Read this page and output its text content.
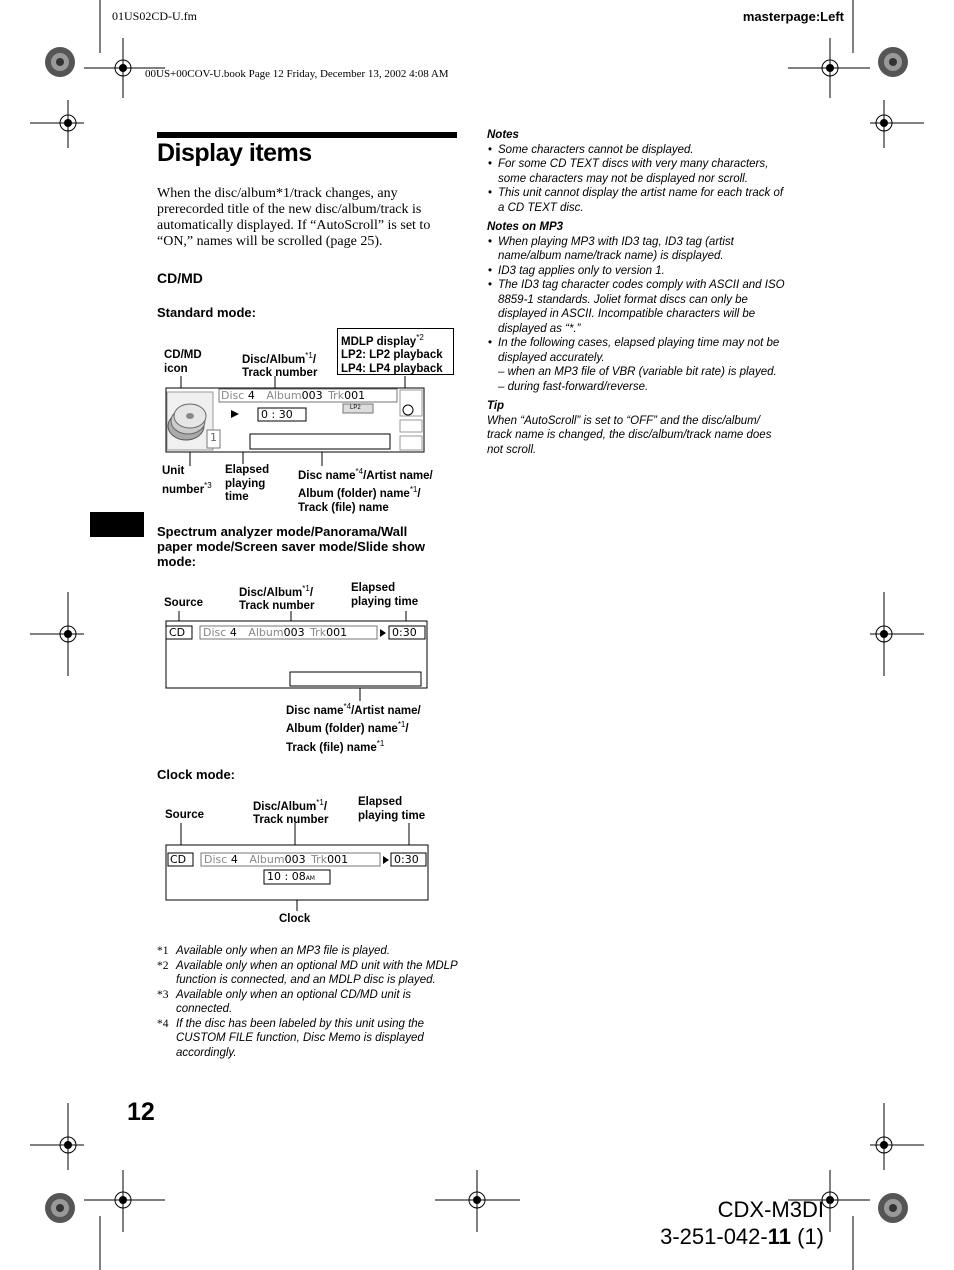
01US02CD-U.fm	masterpage:Left
00US+00COV-U.book Page 12 Friday, December 13, 2002 4:08 AM
Display items
When the disc/album*1/track changes, any prerecorded title of the new disc/album/track is automatically displayed. If “AutoScroll” is set to “ON,” names will be scrolled (page 25).
CD/MD
Standard mode:
CD/MD
icon
Disc/Album$^{*1}$/
Track number
MDLP display$^{*2}$
LP2: LP2 playback
LP4: LP4 playback
Disc 4 Album003 Trk001
0 : 30	LP2
1
Unit
number$^{*3}$
Elapsed
playing
time
Disc name$^{*4}$/Artist name/
Album (folder) name$^{*1}$/
Track (file) name
Spectrum analyzer mode/Panorama/Wall
paper mode/Screen saver mode/Slide show
mode:
Source
Disc/Album$^{*1}$/
Track number
Elapsed
playing time
CD Disc 4 Album003 Trk001	0:30
Disc name$^{*4}$/Artist name/
Album (folder) name$^{*1}$/
Track (file) name$^{*1}$
Clock mode:
Source
Disc/Album$^{*1}$/
Track number
Elapsed
playing time
CD Disc 4 Album003 Trk001	0:30
10 : 08AM
Clock
*1 Available only when an MP3 file is played.
*2 Available only when an optional MD unit with the MDLP function is connected, and an MDLP disc is played.
*3 Available only when an optional CD/MD unit is connected.
*4 If the disc has been labeled by this unit using the CUSTOM FILE function, Disc Memo is displayed accordingly.
Notes
• Some characters cannot be displayed.
• For some CD TEXT discs with very many characters, some characters may not be displayed nor scroll.
• This unit cannot display the artist name for each track of a CD TEXT disc.
Notes on MP3
• When playing MP3 with ID3 tag, ID3 tag (artist name/album name/track name) is displayed.
• ID3 tag applies only to version 1.
• The ID3 tag character codes comply with ASCII and ISO 8859-1 standards. Joliet format discs can only be displayed in ASCII. Incompatible characters will be displayed as “*.”
• In the following cases, elapsed playing time may not be displayed accurately.
– when an MP3 file of VBR (variable bit rate) is played.
– during fast-forward/reverse.
Tip
When “AutoScroll” is set to “OFF” and the disc/album/ track name is changed, the disc/album/track name does not scroll.
12
CDX-M3DI
3-251-042-11 (1)
